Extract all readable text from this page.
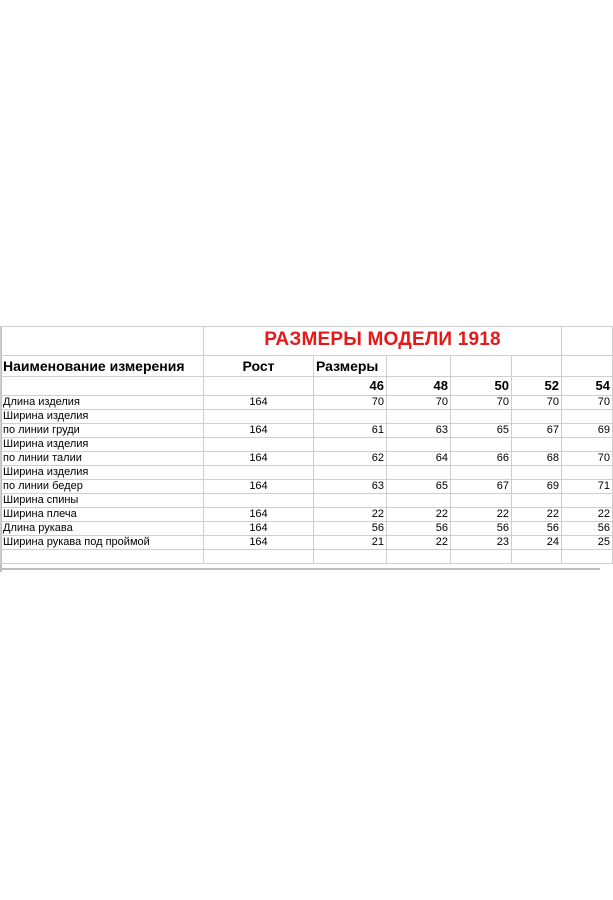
	РАЗМЕРЫ МОДЕЛИ 1918					
Наименование измерения	Рост	Размеры				
		46	48	50	52	54
Длина изделия	164	70	70	70	70	70
Ширина изделия						
по линии груди	164	61	63	65	67	69
Ширина изделия						
по линии талии	164	62	64	66	68	70
Ширина изделия						
по линии бедер	164	63	65	67	69	71
Ширина спины						
Ширина плеча	164	22	22	22	22	22
Длина рукава	164	56	56	56	56	56
Ширина рукава под проймой	164	21	22	23	24	25
